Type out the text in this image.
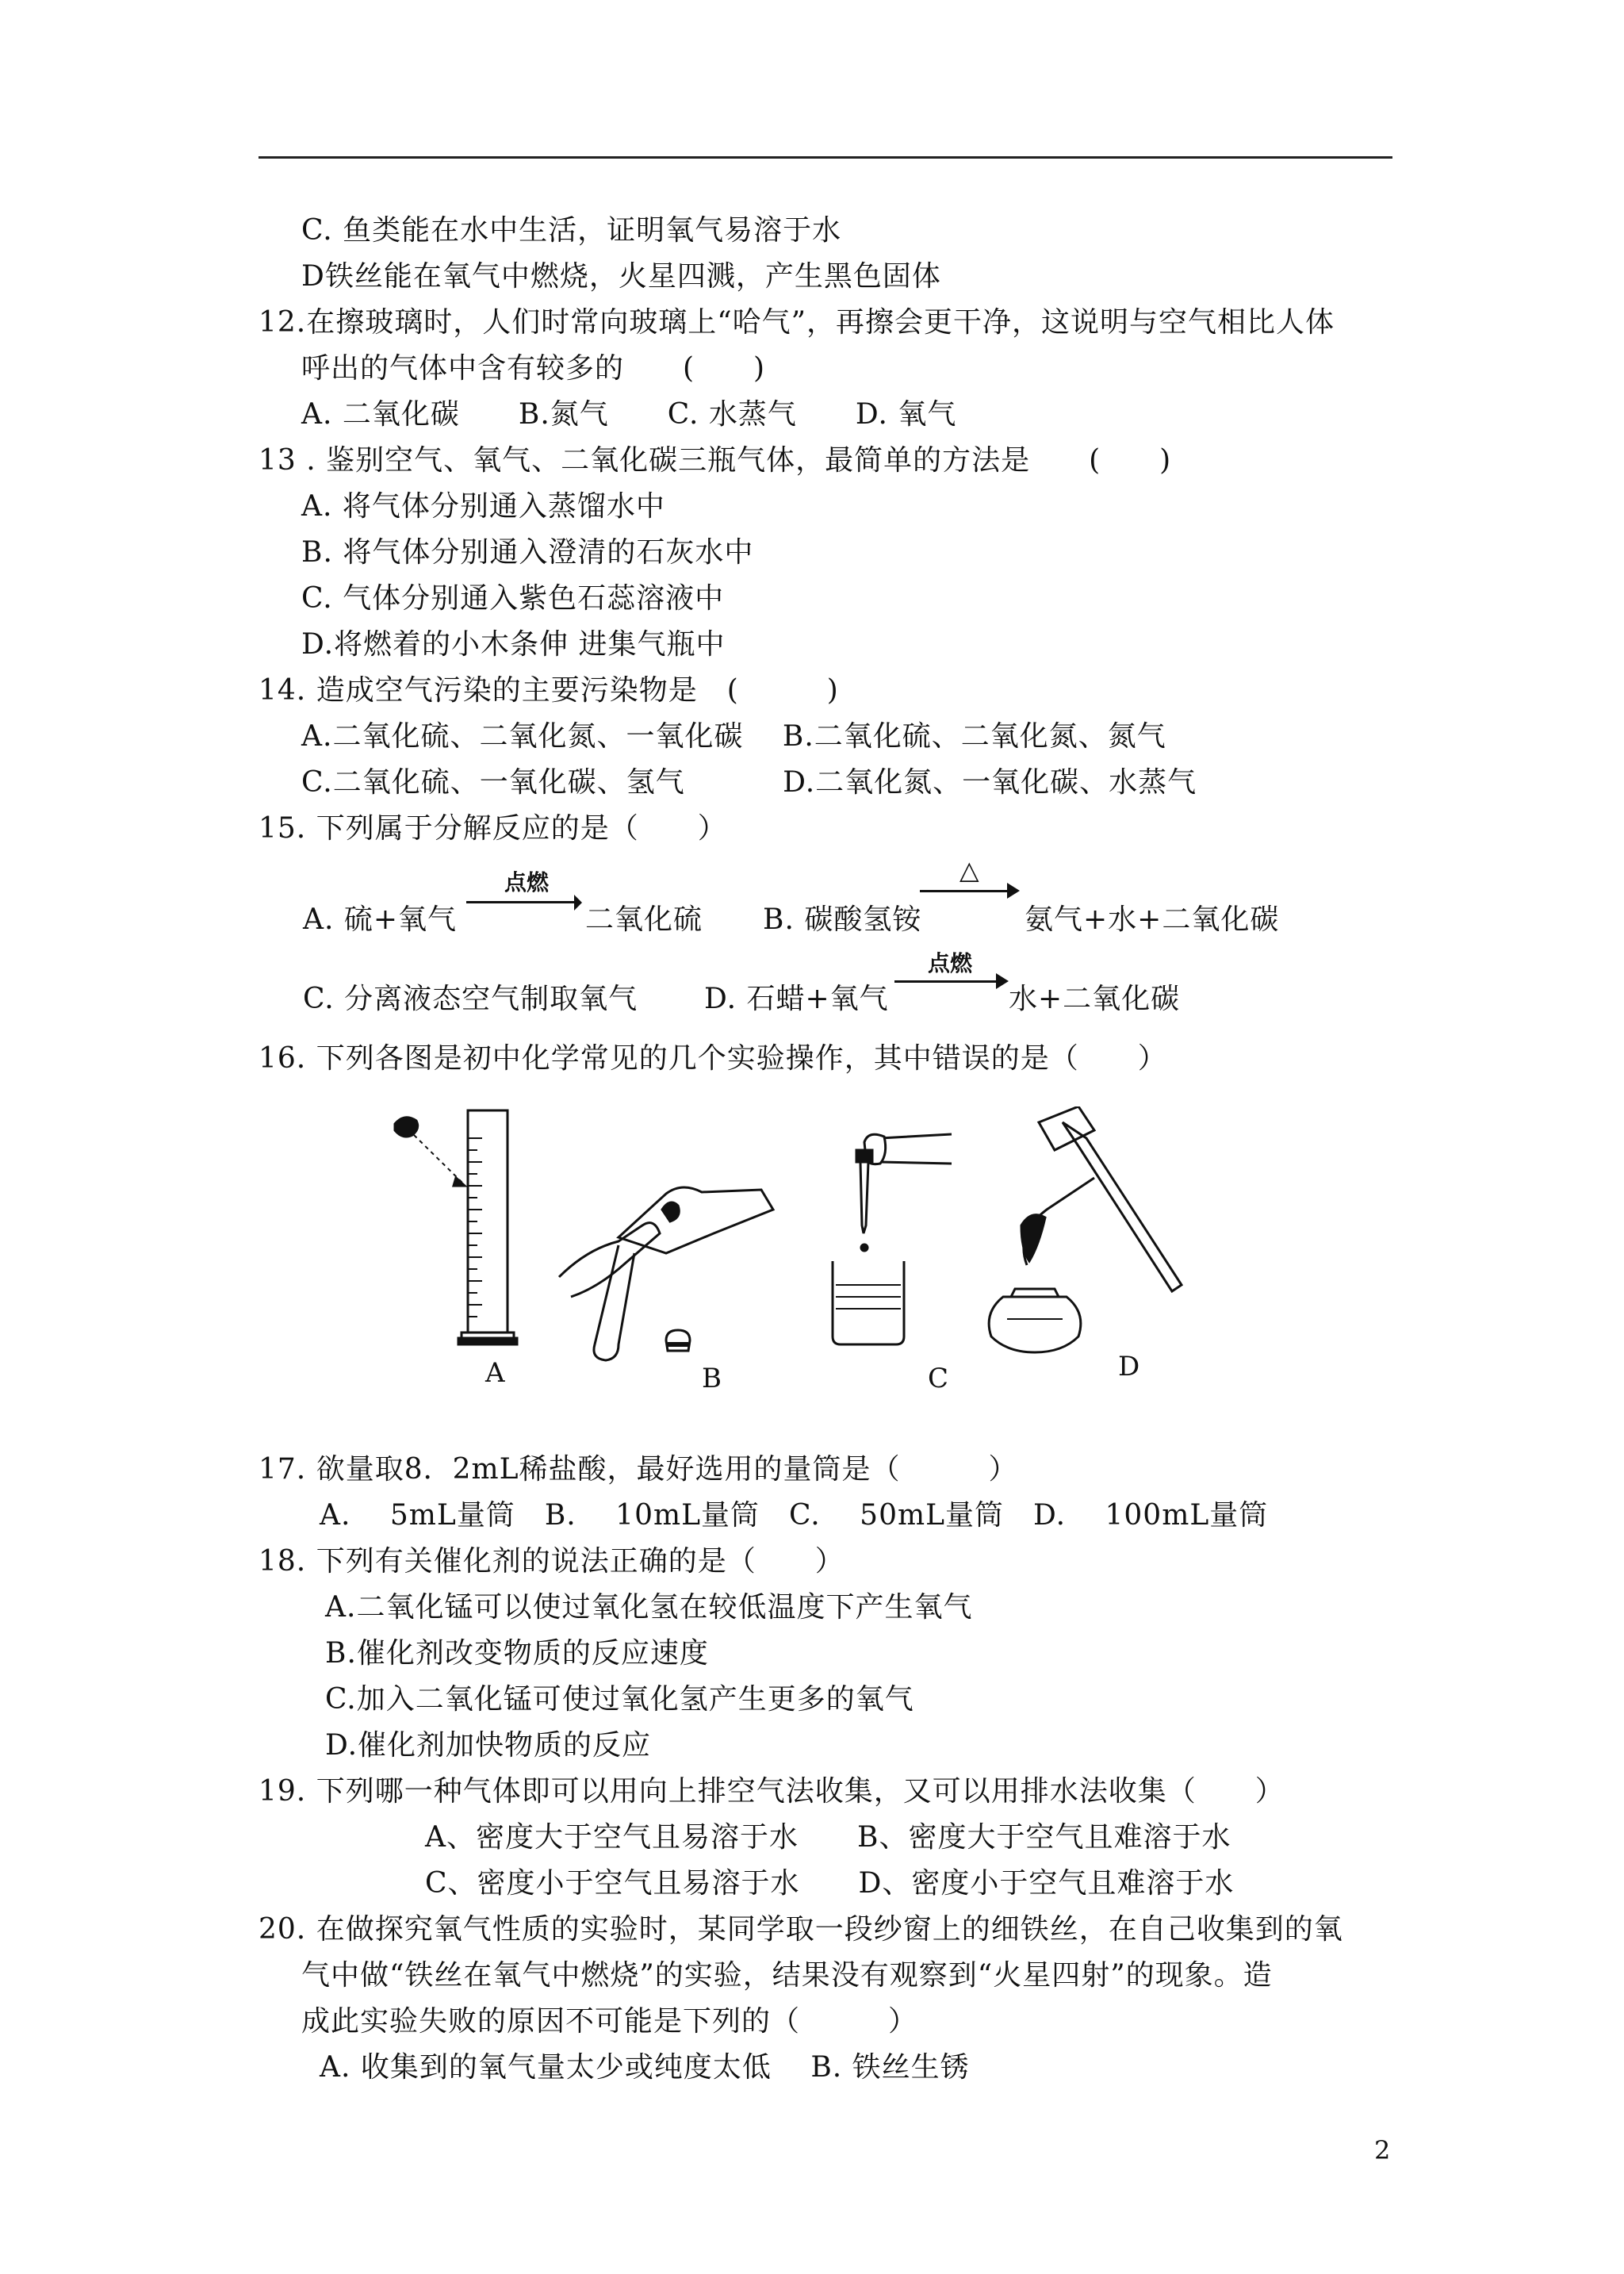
C. 鱼类能在水中生活，证明氧气易溶于水
D铁丝能在氧气中燃烧，火星四溅，产生黑色固体
12.在擦玻璃时，人们时常向玻璃上“哈气”，再擦会更干净，这说明与空气相比人体
呼出的气体中含有较多的　　(　　)
A. 二氧化碳　　B.氮气　　C. 水蒸气　　D. 氧气
13 . 鉴别空气、氧气、二氧化碳三瓶气体，最简单的方法是　　(　　)
A. 将气体分别通入蒸馏水中
B. 将气体分别通入澄清的石灰水中
C. 气体分别通入紫色石蕊溶液中
D.将燃着的小木条伸 进集气瓶中
14. 造成空气污染的主要污染物是　(　　　)
A.二氧化硫、二氧化氮、一氧化碳　 B.二氧化硫、二氧化氮、氮气
C.二氧化硫、一氧化碳、氢气　　　 D.二氧化氮、一氧化碳、水蒸气
15. 下列属于分解反应的是（　　）
16. 下列各图是初中化学常见的几个实验操作，其中错误的是（　　）
17. 欲量取8．2mL稀盐酸，最好选用的量筒是（　　　）
A.　 5mL量筒　B.　 10mL量筒　C.　 50mL量筒　D.　 100mL量筒
18. 下列有关催化剂的说法正确的是（　　）
A.二氧化锰可以使过氧化氢在较低温度下产生氧气
B.催化剂改变物质的反应速度
C.加入二氧化锰可使过氧化氢产生更多的氧气
D.催化剂加快物质的反应
19. 下列哪一种气体即可以用向上排空气法收集，又可以用排水法收集（　　）
A、密度大于空气且易溶于水　　B、密度大于空气且难溶于水
C、密度小于空气且易溶于水　　D、密度小于空气且难溶于水
20. 在做探究氧气性质的实验时，某同学取一段纱窗上的细铁丝，在自己收集到的氧
气中做“铁丝在氧气中燃烧”的实验，结果没有观察到“火星四射”的现象。造
成此实验失败的原因不可能是下列的（　　　）
A. 收集到的氧气量太少或纯度太低　 B. 铁丝生锈
A. 硫+氧气
点燃
二氧化硫 B. 碳酸氢铵
△
氨气+水+二氧化碳
C. 分离液态空气制取氧气 D. 石蜡+氧气
点燃
水+二氧化碳
A	B	C	D
2
